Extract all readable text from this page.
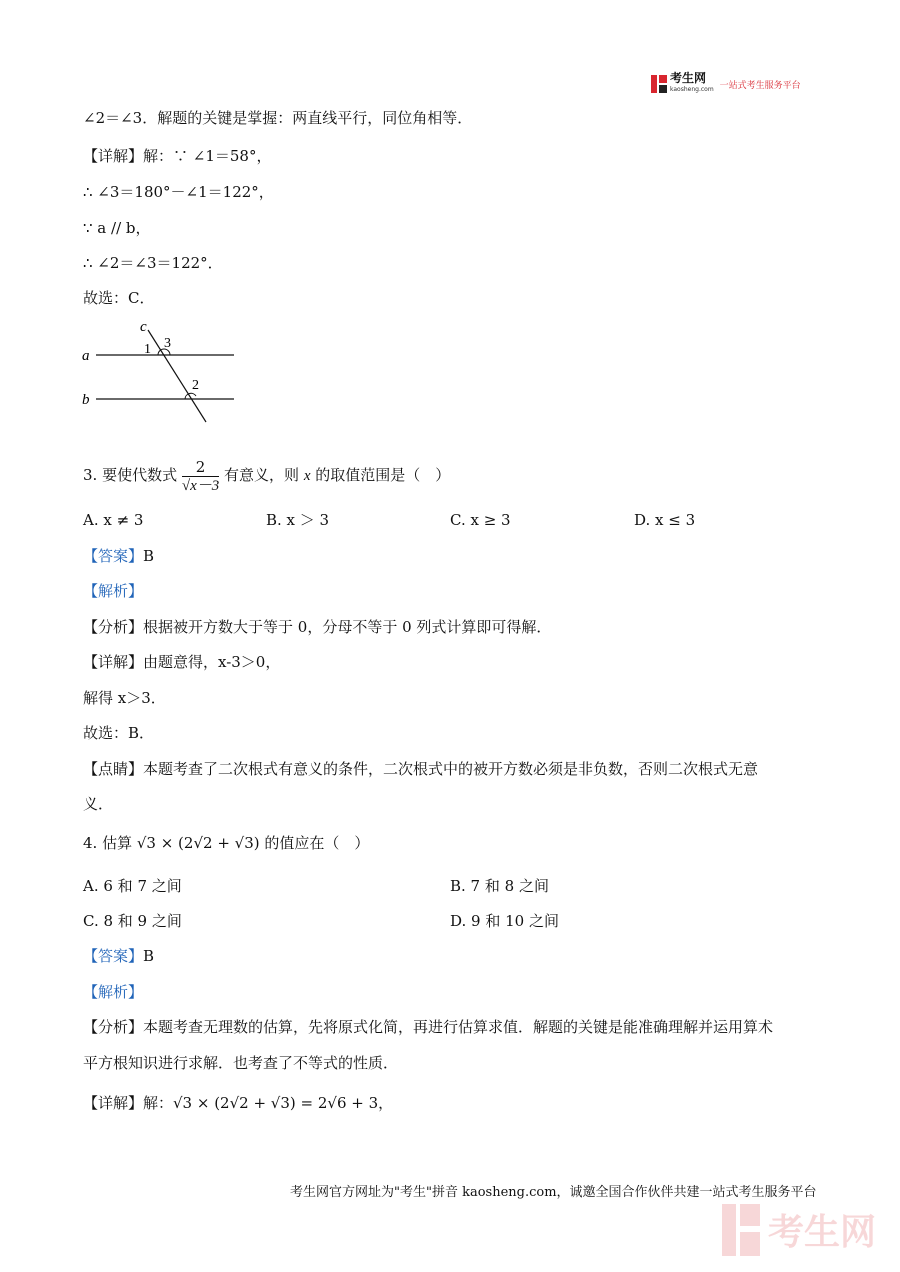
考生网
kaosheng.com 一站式考生服务平台
∠2＝∠3．解题的关键是掌握：两直线平行，同位角相等．
【详解】解：∵ ∠1＝58°，
∴ ∠3＝180°－∠1＝122°，
∵ a // b，
∴ ∠2＝∠3＝122°．
故选：C．
c
a
b
1 3
2
3. 要使代数式 $\frac{2}{√x-3}$ 有意义，则 x 的取值范围是（　）
A. x ≠ 3	B. x ＞ 3	C. x ≥ 3	D. x ≤ 3
【答案】B
【解析】
【分析】根据被开方数大于等于 0，分母不等于 0 列式计算即可得解．
【详解】由题意得，x-3＞0，
解得 x＞3．
故选：B．
【点睛】本题考查了二次根式有意义的条件，二次根式中的被开方数必须是非负数，否则二次根式无意
义．
4. 估算 √3 × (2√2 + √3) 的值应在（　）
A. 6 和 7 之间	B. 7 和 8 之间
C. 8 和 9 之间	D. 9 和 10 之间
【答案】B
【解析】
【分析】本题考查无理数的估算，先将原式化简，再进行估算求值．解题的关键是能准确理解并运用算术
平方根知识进行求解．也考查了不等式的性质．
【详解】解：√3 × (2√2 + √3) = 2√6 + 3，
考生网官方网址为"考生"拼音 kaosheng.com，诚邀全国合作伙伴共建一站式考生服务平台
考生网
